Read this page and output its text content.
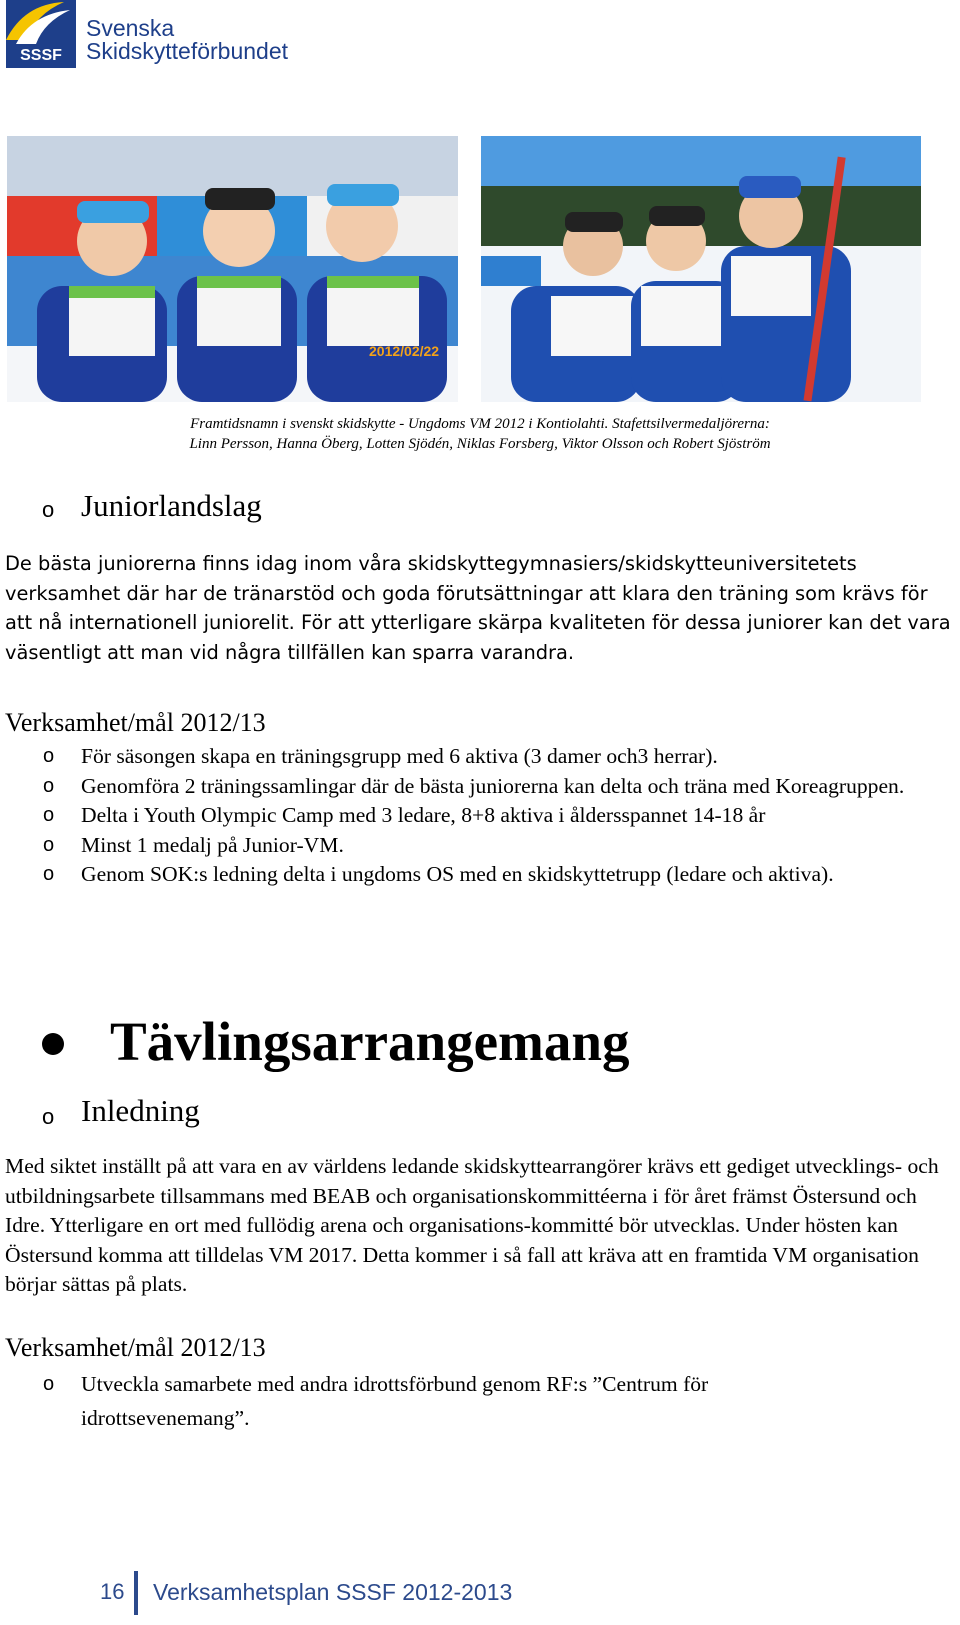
SSSF
Svenska
Skidskytteförbundet
2012/02/22
Framtidsnamn i svenskt skidskytte - Ungdoms VM 2012 i Kontiolahti. Stafettsilvermedaljörerna:
Linn Persson, Hanna Öberg, Lotten Sjödén, Niklas Forsberg, Viktor Olsson och Robert Sjöström
o Juniorlandslag

De bästa juniorerna finns idag inom våra skidskyttegymnasiers/skidskytteuniversitetets verksamhet där har de tränarstöd och goda förutsättningar att klara den träning som krävs för att nå internationell juniorelit. För att ytterligare skärpa kvaliteten för dessa juniorer kan det vara väsentligt att man vid några tillfällen kan sparra varandra.

Verksamhet/mål 2012/13
o För säsongen skapa en träningsgrupp med 6 aktiva (3 damer och3 herrar).
o Genomföra 2 träningssamlingar där de bästa juniorerna kan delta och träna med Koreagruppen.
o Delta i Youth Olympic Camp med 3 ledare, 8+8 aktiva i åldersspannet 14-18 år
o Minst 1 medalj på Junior-VM.
o Genom SOK:s ledning delta i ungdoms OS med en skidskyttetrupp (ledare och aktiva).
Tävlingsarrangemang
o Inledning

Med siktet inställt på att vara en av världens ledande skidskyttearrangörer krävs ett gediget utvecklings- och utbildningsarbete tillsammans med BEAB och organisationskommittéerna i för året främst Östersund och Idre. Ytterligare en ort med fullödig arena och organisations-kommitté bör utvecklas. Under hösten kan Östersund komma att tilldelas VM 2017. Detta kommer i så fall att kräva att en framtida VM organisation börjar sättas på plats.

Verksamhet/mål 2012/13
o Utveckla samarbete med andra idrottsförbund genom RF:s ”Centrum för idrottsevenemang”.
16 Verksamhetsplan SSSF 2012-2013
